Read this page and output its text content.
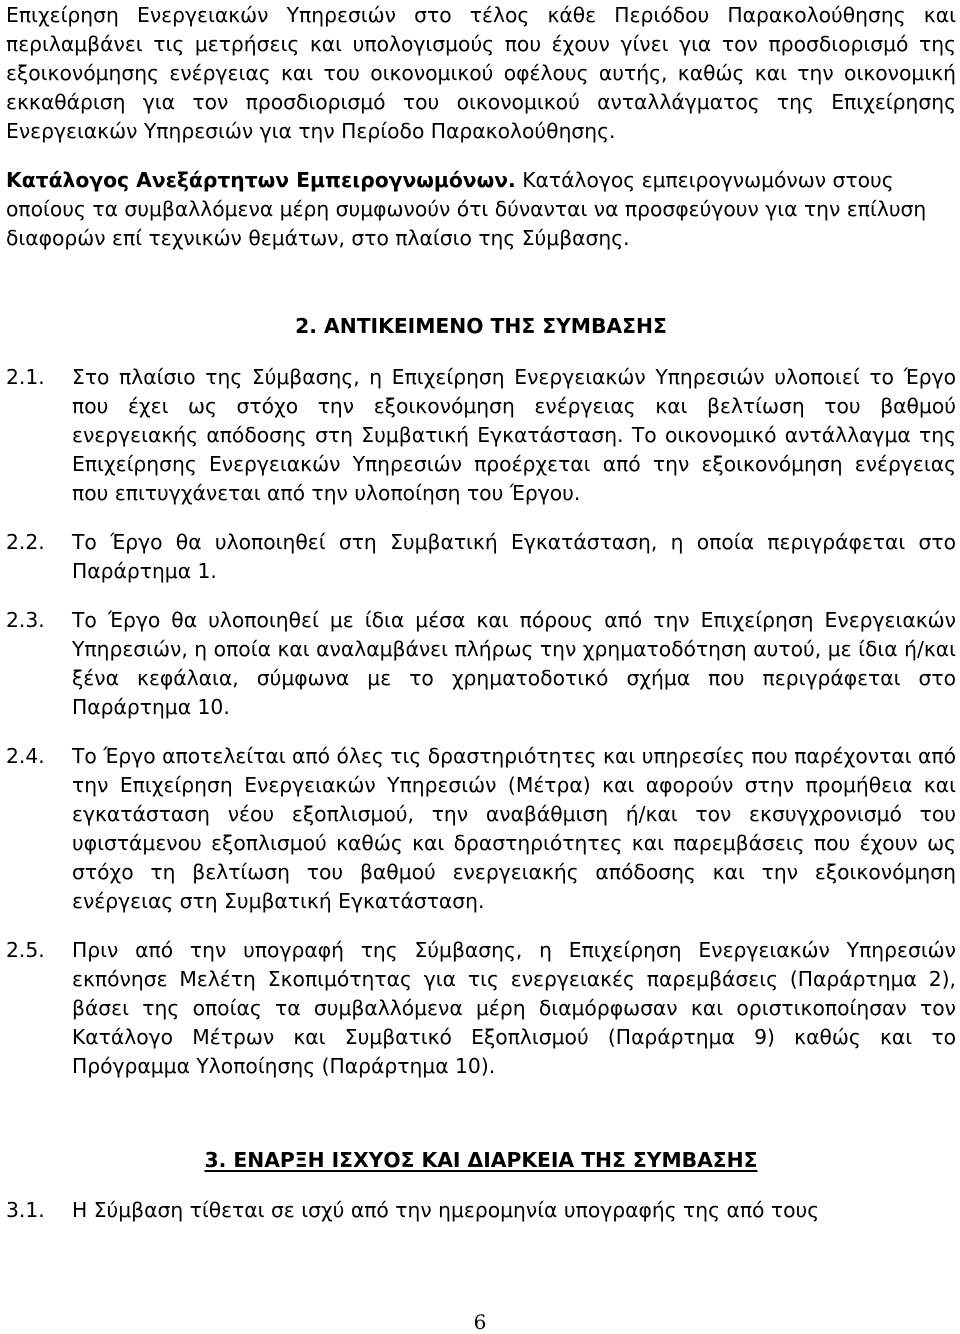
Επιχείρηση Ενεργειακών Υπηρεσιών στο τέλος κάθε Περιόδου Παρακολούθησης και περιλαμβάνει τις μετρήσεις και υπολογισμούς που έχουν γίνει για τον προσδιορισμό της εξοικονόμησης ενέργειας και του οικονομικού οφέλους αυτής, καθώς και την οικονομική εκκαθάριση για τον προσδιορισμό του οικονομικού ανταλλάγματος της Επιχείρησης Ενεργειακών Υπηρεσιών για την Περίοδο Παρακολούθησης.

Κατάλογος Ανεξάρτητων Εμπειρογνωμόνων. Κατάλογος εμπειρογνωμόνων στους οποίους τα συμβαλλόμενα μέρη συμφωνούν ότι δύνανται να προσφεύγουν για την επίλυση διαφορών επί τεχνικών θεμάτων, στο πλαίσιο της Σύμβασης.

2. ΑΝΤΙΚΕΙΜΕΝΟ ΤΗΣ ΣΥΜΒΑΣΗΣ
2.1.	Στο πλαίσιο της Σύμβασης, η Επιχείρηση Ενεργειακών Υπηρεσιών υλοποιεί το Έργο που έχει ως στόχο την εξοικονόμηση ενέργειας και βελτίωση του βαθμού ενεργειακής απόδοσης στη Συμβατική Εγκατάσταση. Το οικονομικό αντάλλαγμα της Επιχείρησης Ενεργειακών Υπηρεσιών προέρχεται από την εξοικονόμηση ενέργειας που επιτυγχάνεται από την υλοποίηση του Έργου.
2.2.	Το Έργο θα υλοποιηθεί στη Συμβατική Εγκατάσταση, η οποία περιγράφεται στο Παράρτημα 1.
2.3.	Το Έργο θα υλοποιηθεί με ίδια μέσα και πόρους από την Επιχείρηση Ενεργειακών Υπηρεσιών, η οποία και αναλαμβάνει πλήρως την χρηματοδότηση αυτού, με ίδια ή/και ξένα κεφάλαια, σύμφωνα με το χρηματοδοτικό σχήμα που περιγράφεται στο Παράρτημα 10.
2.4.	Το Έργο αποτελείται από όλες τις δραστηριότητες και υπηρεσίες που παρέχονται από την Επιχείρηση Ενεργειακών Υπηρεσιών (Μέτρα) και αφορούν στην προμήθεια και εγκατάσταση νέου εξοπλισμού, την αναβάθμιση ή/και τον εκσυγχρονισμό του υφιστάμενου εξοπλισμού καθώς και δραστηριότητες και παρεμβάσεις που έχουν ως στόχο τη βελτίωση του βαθμού ενεργειακής απόδοσης και την εξοικονόμηση ενέργειας στη Συμβατική Εγκατάσταση.
2.5.	Πριν από την υπογραφή της Σύμβασης, η Επιχείρηση Ενεργειακών Υπηρεσιών εκπόνησε Μελέτη Σκοπιμότητας για τις ενεργειακές παρεμβάσεις (Παράρτημα 2), βάσει της οποίας τα συμβαλλόμενα μέρη διαμόρφωσαν και οριστικοποίησαν τον Κατάλογο Μέτρων και Συμβατικό Εξοπλισμού (Παράρτημα 9) καθώς και το Πρόγραμμα Υλοποίησης (Παράρτημα 10).
3. ΕΝΑΡΞΗ ΙΣΧΥΟΣ ΚΑΙ ΔΙΑΡΚΕΙΑ ΤΗΣ ΣΥΜΒΑΣΗΣ
3.1.	Η Σύμβαση τίθεται σε ισχύ από την ημερομηνία υπογραφής της από τους
6
